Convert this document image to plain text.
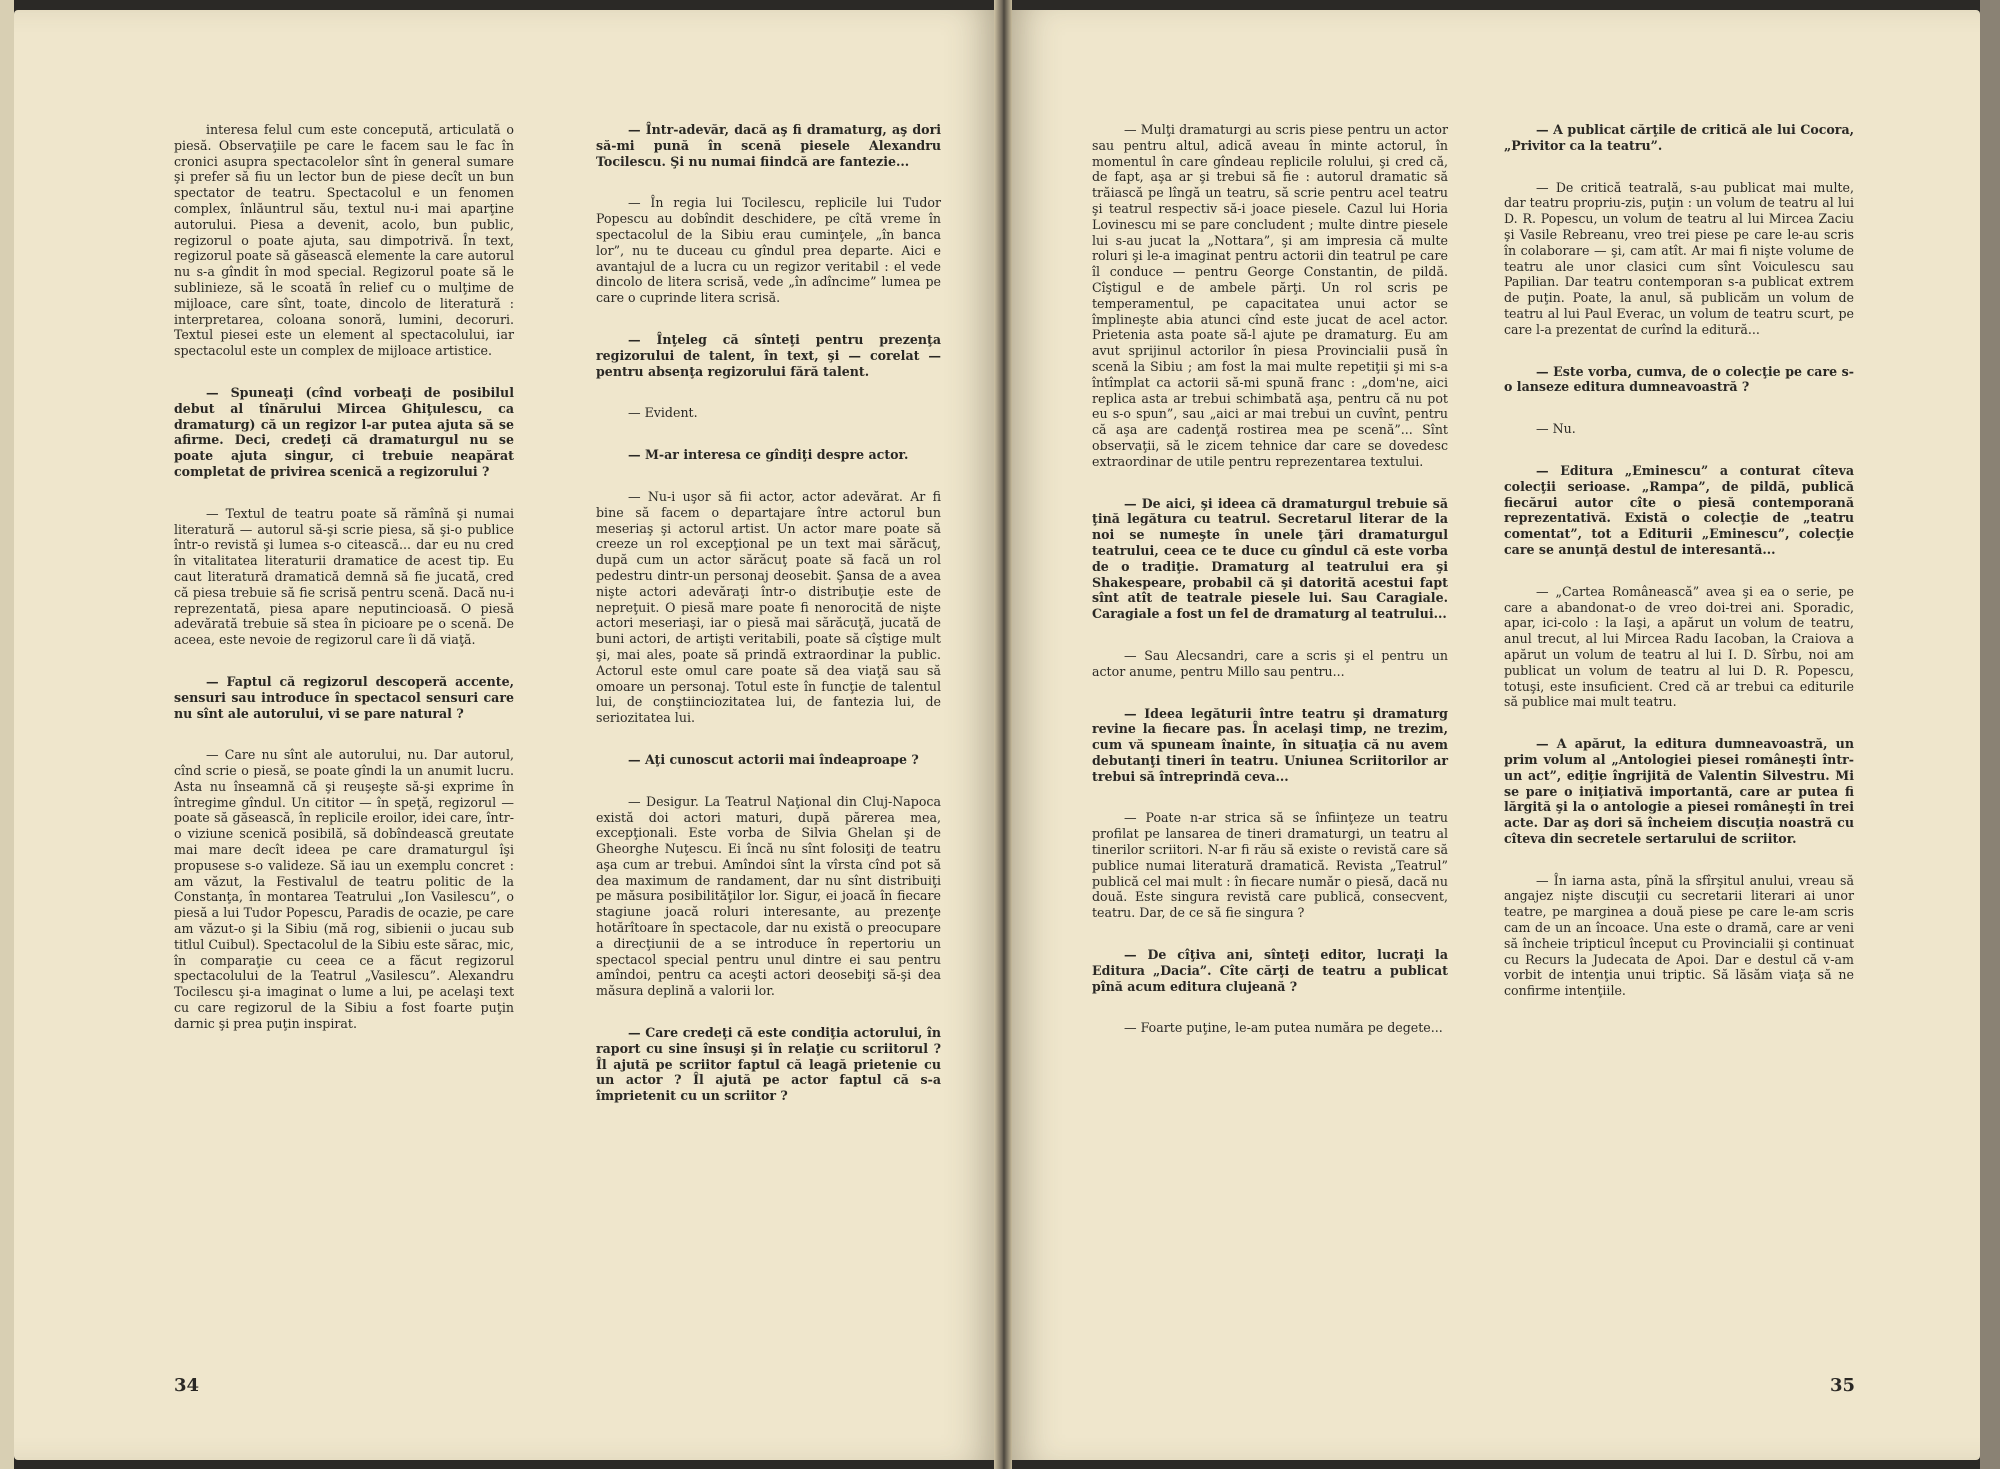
interesa felul cum este concepută, articulată o piesă. Observaţiile pe care le facem sau le fac în cronici asupra spectacolelor sînt în general sumare şi prefer să fiu un lector bun de piese decît un bun spectator de teatru. Spectacolul e un fenomen complex, înlăuntrul său, textul nu-i mai aparţine autorului. Piesa a devenit, acolo, bun public, regizorul o poate ajuta, sau dimpotrivă. În text, regizorul poate să găsească elemente la care autorul nu s-a gîndit în mod special. Regizorul poate să le sublinieze, să le scoată în relief cu o mulţime de mijloace, care sînt, toate, dincolo de literatură : interpretarea, coloana sonoră, lumini, decoruri. Textul piesei este un element al spectacolului, iar spectacolul este un complex de mijloace artistice.

— Spuneaţi (cînd vorbeaţi de posibilul debut al tînărului Mircea Ghiţulescu, ca dramaturg) că un regizor l-ar putea ajuta să se afirme. Deci, credeţi că dramaturgul nu se poate ajuta singur, ci trebuie neapărat completat de privirea scenică a regizorului ?

— Textul de teatru poate să rămînă şi numai literatură — autorul să-şi scrie piesa, să şi-o publice într-o revistă şi lumea s-o citească... dar eu nu cred în vitalitatea literaturii dramatice de acest tip. Eu caut literatură dramatică demnă să fie jucată, cred că piesa trebuie să fie scrisă pentru scenă. Dacă nu-i reprezentată, piesa apare neputincioasă. O piesă adevărată trebuie să stea în picioare pe o scenă. De aceea, este nevoie de regizorul care îi dă viaţă.

— Faptul că regizorul descoperă accente, sensuri sau introduce în spectacol sensuri care nu sînt ale autorului, vi se pare natural ?

— Care nu sînt ale autorului, nu. Dar autorul, cînd scrie o piesă, se poate gîndi la un anumit lucru. Asta nu înseamnă că şi reuşeşte să-şi exprime în întregime gîndul. Un cititor — în speţă, regizorul — poate să găsească, în replicile eroilor, idei care, într-o viziune scenică posibilă, să dobîndească greutate mai mare decît ideea pe care dramaturgul îşi propusese s-o valideze. Să iau un exemplu concret : am văzut, la Festivalul de teatru politic de la Constanţa, în montarea Teatrului „Ion Vasilescu”, o piesă a lui Tudor Popescu, Paradis de ocazie, pe care am văzut-o şi la Sibiu (mă rog, sibienii o jucau sub titlul Cuibul). Spectacolul de la Sibiu este sărac, mic, în comparaţie cu ceea ce a făcut regizorul spectacolului de la Teatrul „Vasilescu”. Alexandru Tocilescu şi-a imaginat o lume a lui, pe acelaşi text cu care regizorul de la Sibiu a fost foarte puţin darnic şi prea puţin inspirat.

— Într-adevăr, dacă aş fi dramaturg, aş dori să-mi pună în scenă piesele Alexandru Tocilescu. Şi nu numai fiindcă are fantezie...

— În regia lui Tocilescu, replicile lui Tudor Popescu au dobîndit deschidere, pe cîtă vreme în spectacolul de la Sibiu erau cuminţele, „în banca lor”, nu te duceau cu gîndul prea departe. Aici e avantajul de a lucra cu un regizor veritabil : el vede dincolo de litera scrisă, vede „în adîncime” lumea pe care o cuprinde litera scrisă.

— Înţeleg că sînteţi pentru prezenţa regizorului de talent, în text, şi — corelat — pentru absenţa regizorului fără talent.

— Evident.

— M-ar interesa ce gîndiţi despre actor.

— Nu-i uşor să fii actor, actor adevărat. Ar fi bine să facem o departajare între actorul bun meseriaş şi actorul artist. Un actor mare poate să creeze un rol excepţional pe un text mai sărăcuţ, după cum un actor sărăcuţ poate să facă un rol pedestru dintr-un personaj deosebit. Şansa de a avea nişte actori adevăraţi într-o distribuţie este de nepreţuit. O piesă mare poate fi nenorocită de nişte actori meseriaşi, iar o piesă mai sărăcuţă, jucată de buni actori, de artişti veritabili, poate să cîştige mult şi, mai ales, poate să prindă extraordinar la public. Actorul este omul care poate să dea viaţă sau să omoare un personaj. Totul este în funcţie de talentul lui, de conştiinciozitatea lui, de fantezia lui, de seriozitatea lui.

— Aţi cunoscut actorii mai îndeaproape ?

— Desigur. La Teatrul Naţional din Cluj-Napoca există doi actori maturi, după părerea mea, excepţionali. Este vorba de Silvia Ghelan şi de Gheorghe Nuţescu. Ei încă nu sînt folosiţi de teatru aşa cum ar trebui. Amîndoi sînt la vîrsta cînd pot să dea maximum de randament, dar nu sînt distribuiţi pe măsura posibilităţilor lor. Sigur, ei joacă în fiecare stagiune joacă roluri interesante, au prezenţe hotărîtoare în spectacole, dar nu există o preocupare a direcţiunii de a se introduce în repertoriu un spectacol special pentru unul dintre ei sau pentru amîndoi, pentru ca aceşti actori deosebiţi să-şi dea măsura deplină a valorii lor.

— Care credeţi că este condiţia actorului, în raport cu sine însuşi şi în relaţie cu scriitorul ? Îl ajută pe scriitor faptul că leagă prietenie cu un actor ? Îl ajută pe actor faptul că s-a împrietenit cu un scriitor ?

34

— Mulţi dramaturgi au scris piese pentru un actor sau pentru altul, adică aveau în minte actorul, în momentul în care gîndeau replicile rolului, şi cred că, de fapt, aşa ar şi trebui să fie : autorul dramatic să trăiască pe lîngă un teatru, să scrie pentru acel teatru şi teatrul respectiv să-i joace piesele. Cazul lui Horia Lovinescu mi se pare concludent ; multe dintre piesele lui s-au jucat la „Nottara”, şi am impresia că multe roluri şi le-a imaginat pentru actorii din teatrul pe care îl conduce — pentru George Constantin, de pildă. Cîştigul e de ambele părţi. Un rol scris pe temperamentul, pe capacitatea unui actor se împlineşte abia atunci cînd este jucat de acel actor. Prietenia asta poate să-l ajute pe dramaturg. Eu am avut sprijinul actorilor în piesa Provincialii pusă în scenă la Sibiu ; am fost la mai multe repetiţii şi mi s-a întîmplat ca actorii să-mi spună franc : „dom'ne, aici replica asta ar trebui schimbată aşa, pentru că nu pot eu s-o spun”, sau „aici ar mai trebui un cuvînt, pentru că aşa are cadenţă rostirea mea pe scenă”... Sînt observaţii, să le zicem tehnice dar care se dovedesc extraordinar de utile pentru reprezentarea textului.

— De aici, şi ideea că dramaturgul trebuie să ţină legătura cu teatrul. Secretarul literar de la noi se numeşte în unele ţări dramaturgul teatrului, ceea ce te duce cu gîndul că este vorba de o tradiţie. Dramaturg al teatrului era şi Shakespeare, probabil că şi datorită acestui fapt sînt atît de teatrale piesele lui. Sau Caragiale. Caragiale a fost un fel de dramaturg al teatrului...

— Sau Alecsandri, care a scris şi el pentru un actor anume, pentru Millo sau pentru...

— Ideea legăturii între teatru şi dramaturg revine la fiecare pas. În acelaşi timp, ne trezim, cum vă spuneam înainte, în situaţia că nu avem debutanţi tineri în teatru. Uniunea Scriitorilor ar trebui să întreprindă ceva...

— Poate n-ar strica să se înfiinţeze un teatru profilat pe lansarea de tineri dramaturgi, un teatru al tinerilor scriitori. N-ar fi rău să existe o revistă care să publice numai literatură dramatică. Revista „Teatrul” publică cel mai mult : în fiecare număr o piesă, dacă nu două. Este singura revistă care publică, consecvent, teatru. Dar, de ce să fie singura ?

— De cîţiva ani, sînteţi editor, lucraţi la Editura „Dacia”. Cîte cărţi de teatru a publicat pînă acum editura clujeană ?

— Foarte puţine, le-am putea număra pe degete...

— A publicat cărţile de critică ale lui Cocora, „Privitor ca la teatru”.

— De critică teatrală, s-au publicat mai multe, dar teatru propriu-zis, puţin : un volum de teatru al lui D. R. Popescu, un volum de teatru al lui Mircea Zaciu şi Vasile Rebreanu, vreo trei piese pe care le-au scris în colaborare — şi, cam atît. Ar mai fi nişte volume de teatru ale unor clasici cum sînt Voiculescu sau Papilian. Dar teatru contemporan s-a publicat extrem de puţin. Poate, la anul, să publicăm un volum de teatru al lui Paul Everac, un volum de teatru scurt, pe care l-a prezentat de curînd la editură...

— Este vorba, cumva, de o colecţie pe care s-o lanseze editura dumneavoastră ?

— Nu.

— Editura „Eminescu” a conturat cîteva colecţii serioase. „Rampa”, de pildă, publică fiecărui autor cîte o piesă contemporană reprezentativă. Există o colecţie de „teatru comentat”, tot a Editurii „Eminescu”, colecţie care se anunţă destul de interesantă...

— „Cartea Românească” avea şi ea o serie, pe care a abandonat-o de vreo doi-trei ani. Sporadic, apar, ici-colo : la Iaşi, a apărut un volum de teatru, anul trecut, al lui Mircea Radu Iacoban, la Craiova a apărut un volum de teatru al lui I. D. Sîrbu, noi am publicat un volum de teatru al lui D. R. Popescu, totuşi, este insuficient. Cred că ar trebui ca editurile să publice mai mult teatru.

— A apărut, la editura dumneavoastră, un prim volum al „Antologiei piesei româneşti într-un act”, ediţie îngrijită de Valentin Silvestru. Mi se pare o iniţiativă importantă, care ar putea fi lărgită şi la o antologie a piesei româneşti în trei acte. Dar aş dori să încheiem discuţia noastră cu cîteva din secretele sertarului de scriitor.

— În iarna asta, pînă la sfîrşitul anului, vreau să angajez nişte discuţii cu secretarii literari ai unor teatre, pe marginea a două piese pe care le-am scris cam de un an încoace. Una este o dramă, care ar veni să încheie tripticul început cu Provincialii şi continuat cu Recurs la Judecata de Apoi. Dar e destul că v-am vorbit de intenţia unui triptic. Să lăsăm viaţa să ne confirme intenţiile.

35
